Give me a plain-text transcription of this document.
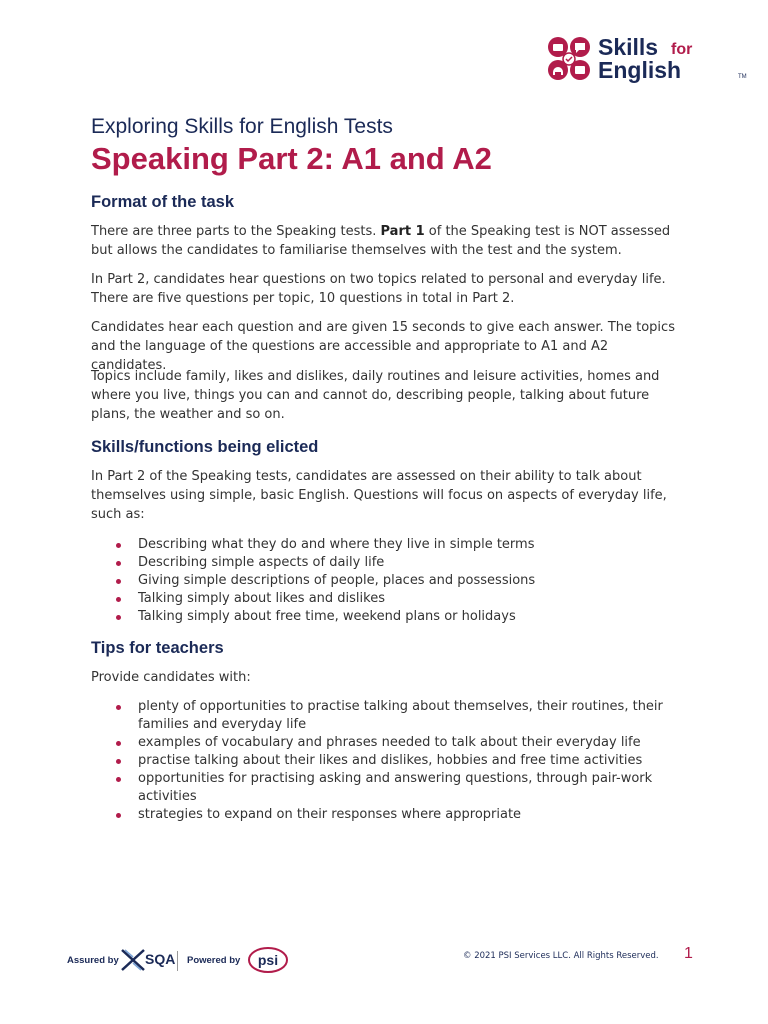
Skills for
English	TM
Exploring Skills for English Tests
Speaking Part 2: A1 and A2
Format of the task

There are three parts to the Speaking tests. Part 1 of the Speaking test is NOT assessed but allows the candidates to familiarise themselves with the test and the system.

In Part 2, candidates hear questions on two topics related to personal and everyday life. There are five questions per topic, 10 questions in total in Part 2.

Candidates hear each question and are given 15 seconds to give each answer. The topics and the language of the questions are accessible and appropriate to A1 and A2 candidates.

Topics include family, likes and dislikes, daily routines and leisure activities, homes and where you live, things you can and cannot do, describing people, talking about future plans, the weather and so on.

Skills/functions being elicted

In Part 2 of the Speaking tests, candidates are assessed on their ability to talk about themselves using simple, basic English. Questions will focus on aspects of everyday life, such as:

Describing what they do and where they live in simple terms
Describing simple aspects of daily life
Giving simple descriptions of people, places and possessions
Talking simply about likes and dislikes
Talking simply about free time, weekend plans or holidays
Tips for teachers

Provide candidates with:

plenty of opportunities to practise talking about themselves, their routines, their families and everyday life
examples of vocabulary and phrases needed to talk about their everyday life
practise talking about their likes and dislikes, hobbies and free time activities
opportunities for practising asking and answering questions, through pair-work activities
strategies to expand on their responses where appropriate
Assured by SQA Powered by psi	© 2021 PSI Services LLC. All Rights Reserved. 1
